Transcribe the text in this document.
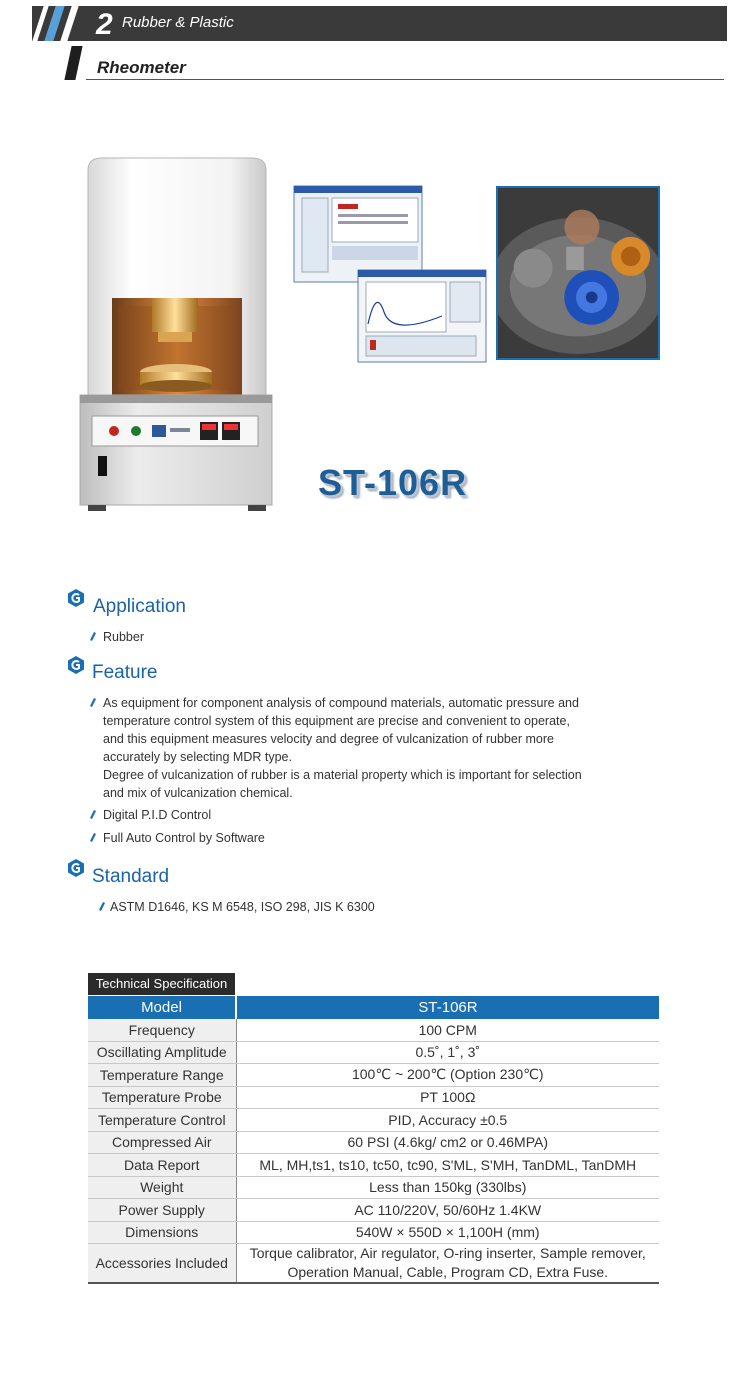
2 Rubber & Plastic
Rheometer
ST-106R
Application
Rubber
Feature
As equipment for component analysis of compound materials, automatic pressure and temperature control system of this equipment are precise and convenient to operate, and this equipment measures velocity and degree of vulcanization of rubber more accurately by selecting MDR type.
Degree of vulcanization of rubber is a material property which is important for selection and mix of vulcanization chemical.
Digital P.I.D Control
Full Auto Control by Software
Standard
ASTM D1646, KS M 6548, ISO 298, JIS K 6300
Technical Specification
Model	ST-106R
Frequency	100 CPM
Oscillating Amplitude	0.5˚, 1˚, 3˚
Temperature Range	100℃ ~ 200℃ (Option 230℃)
Temperature Probe	PT 100Ω
Temperature Control	PID, Accuracy ±0.5
Compressed Air	60 PSI (4.6kg/ cm2 or 0.46MPA)
Data Report	ML, MH,ts1, ts10, tc50, tc90, S'ML, S'MH, TanDML, TanDMH
Weight	Less than 150kg (330lbs)
Power Supply	AC 110/220V, 50/60Hz 1.4KW
Dimensions	540W × 550D × 1,100H (mm)
Accessories Included	Torque calibrator, Air regulator, O-ring inserter, Sample remover,
Operation Manual, Cable, Program CD, Extra Fuse.
